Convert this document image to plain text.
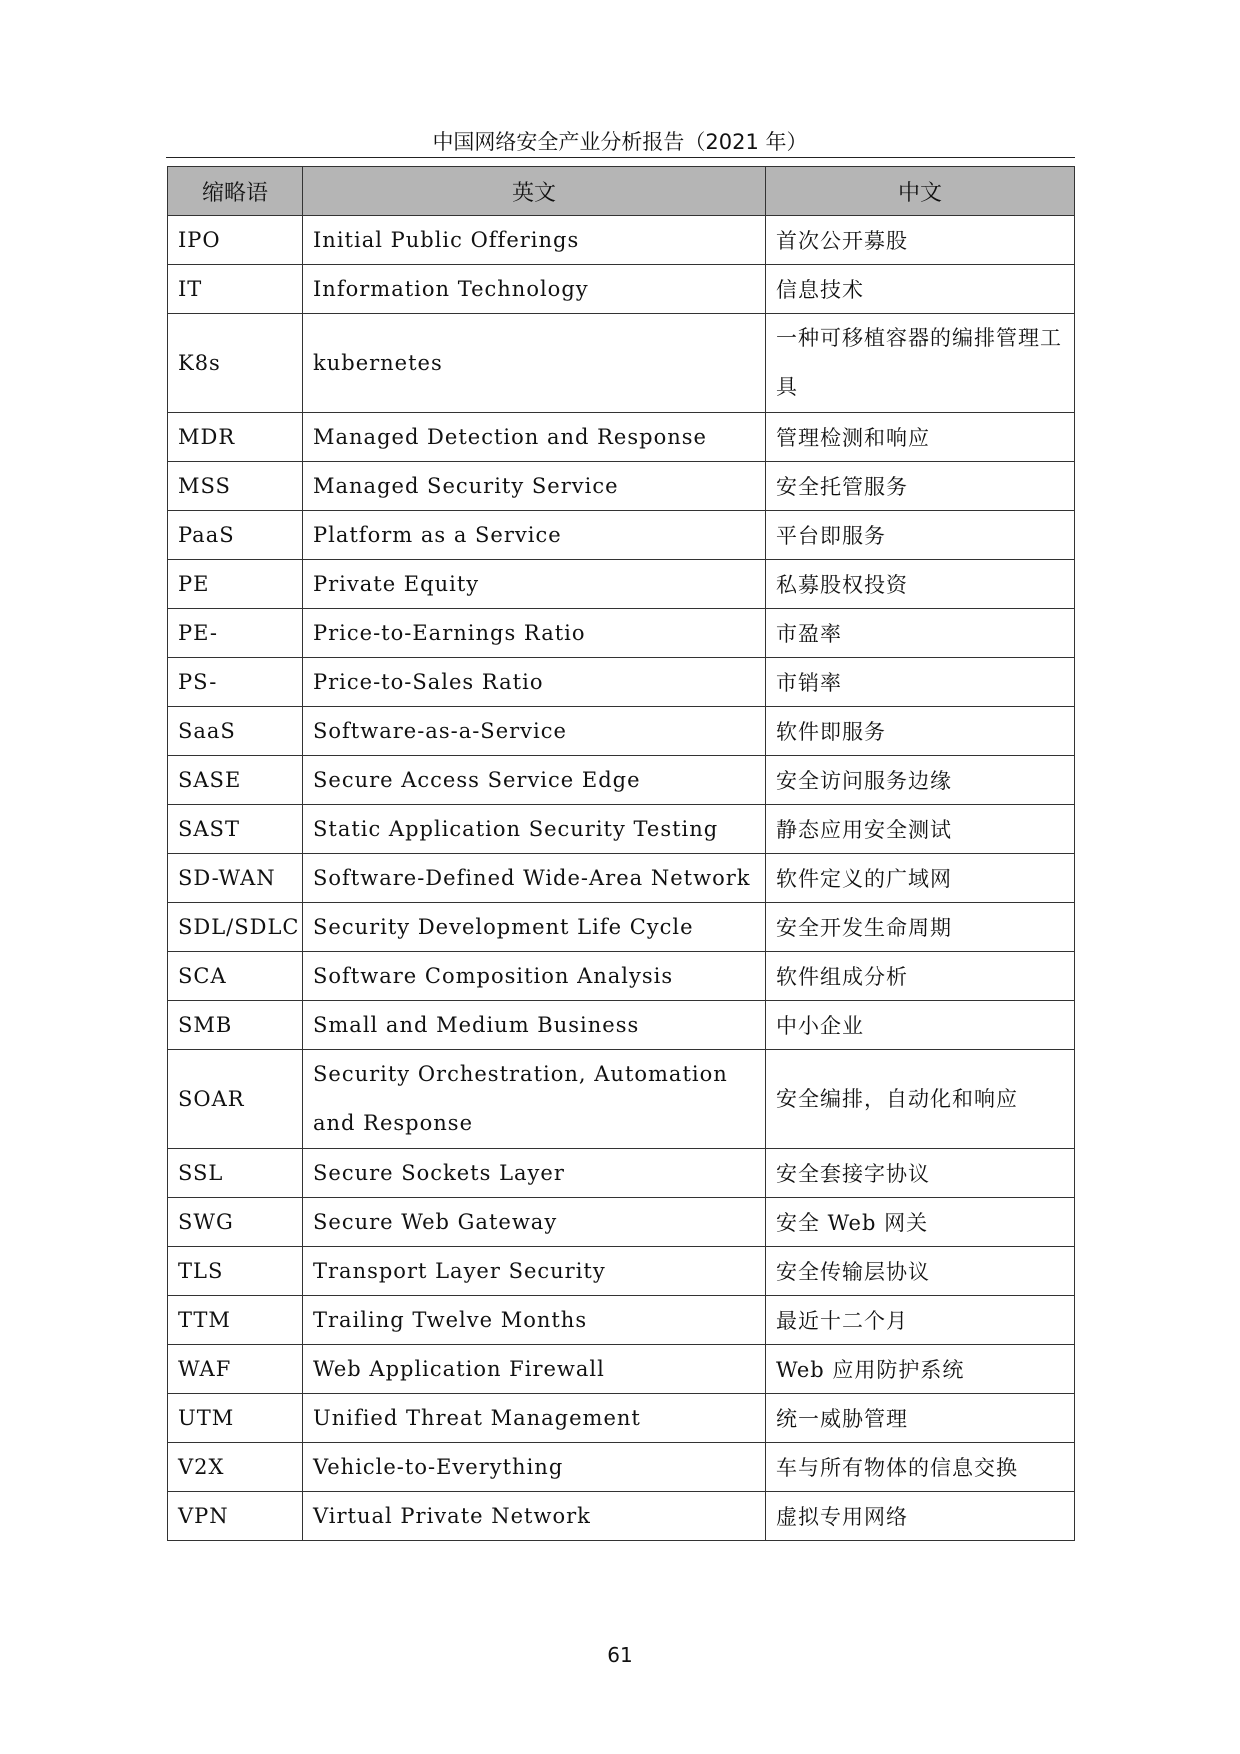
中国网络安全产业分析报告（2021 年）
缩略语	英文	中文
IPO	Initial Public Offerings	首次公开募股
IT	Information Technology	信息技术
K8s	kubernetes	一种可移植容器的编排管理工具
MDR	Managed Detection and Response	管理检测和响应
MSS	Managed Security Service	安全托管服务
PaaS	Platform as a Service	平台即服务
PE	Private Equity	私募股权投资
PE-	Price-to-Earnings Ratio	市盈率
PS-	Price-to-Sales Ratio	市销率
SaaS	Software-as-a-Service	软件即服务
SASE	Secure Access Service Edge	安全访问服务边缘
SAST	Static Application Security Testing	静态应用安全测试
SD-WAN	Software-Defined Wide-Area Network	软件定义的广域网
SDL/SDLC	Security Development Life Cycle	安全开发生命周期
SCA	Software Composition Analysis	软件组成分析
SMB	Small and Medium Business	中小企业
SOAR	Security Orchestration, Automation and Response	安全编排，自动化和响应
SSL	Secure Sockets Layer	安全套接字协议
SWG	Secure Web Gateway	安全 Web 网关
TLS	Transport Layer Security	安全传输层协议
TTM	Trailing Twelve Months	最近十二个月
WAF	Web Application Firewall	Web 应用防护系统
UTM	Unified Threat Management	统一威胁管理
V2X	Vehicle-to-Everything	车与所有物体的信息交换
VPN	Virtual Private Network	虚拟专用网络
61
